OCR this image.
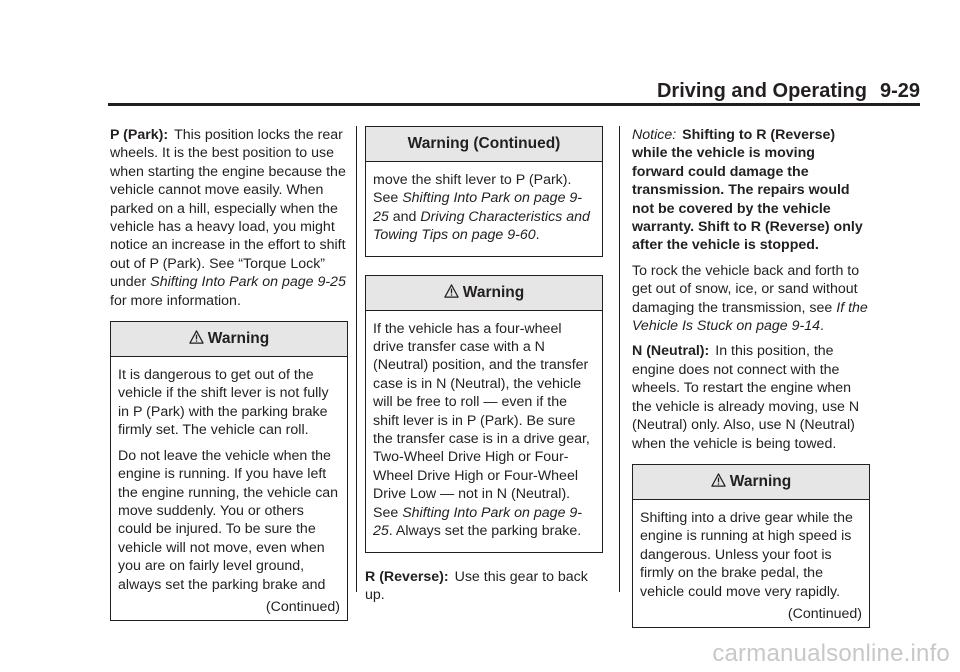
Driving and Operating 9-29

P (Park): This position locks the rear wheels. It is the best position to use when starting the engine because the vehicle cannot move easily. When parked on a hill, especially when the vehicle has a heavy load, you might notice an increase in the effort to shift out of P (Park). See “Torque Lock” under Shifting Into Park on page 9-25 for more information.

Warning

It is dangerous to get out of the vehicle if the shift lever is not fully in P (Park) with the parking brake firmly set. The vehicle can roll.

Do not leave the vehicle when the engine is running. If you have left the engine running, the vehicle can move suddenly. You or others could be injured. To be sure the vehicle will not move, even when you are on fairly level ground, always set the parking brake and

(Continued)
Warning (Continued)

move the shift lever to P (Park). See Shifting Into Park on page 9-25 and Driving Characteristics and Towing Tips on page 9-60.

Warning

If the vehicle has a four-wheel drive transfer case with a N (Neutral) position, and the transfer case is in N (Neutral), the vehicle will be free to roll — even if the shift lever is in P (Park). Be sure the transfer case is in a drive gear, Two-Wheel Drive High or Four-Wheel Drive High or Four-Wheel Drive Low — not in N (Neutral). See Shifting Into Park on page 9-25. Always set the parking brake.

R (Reverse): Use this gear to back up.

Notice: Shifting to R (Reverse) while the vehicle is moving forward could damage the transmission. The repairs would not be covered by the vehicle warranty. Shift to R (Reverse) only after the vehicle is stopped.

To rock the vehicle back and forth to get out of snow, ice, or sand without damaging the transmission, see If the Vehicle Is Stuck on page 9-14.

N (Neutral): In this position, the engine does not connect with the wheels. To restart the engine when the vehicle is already moving, use N (Neutral) only. Also, use N (Neutral) when the vehicle is being towed.

Warning

Shifting into a drive gear while the engine is running at high speed is dangerous. Unless your foot is firmly on the brake pedal, the vehicle could move very rapidly.

(Continued)
carmanualsonline.info
